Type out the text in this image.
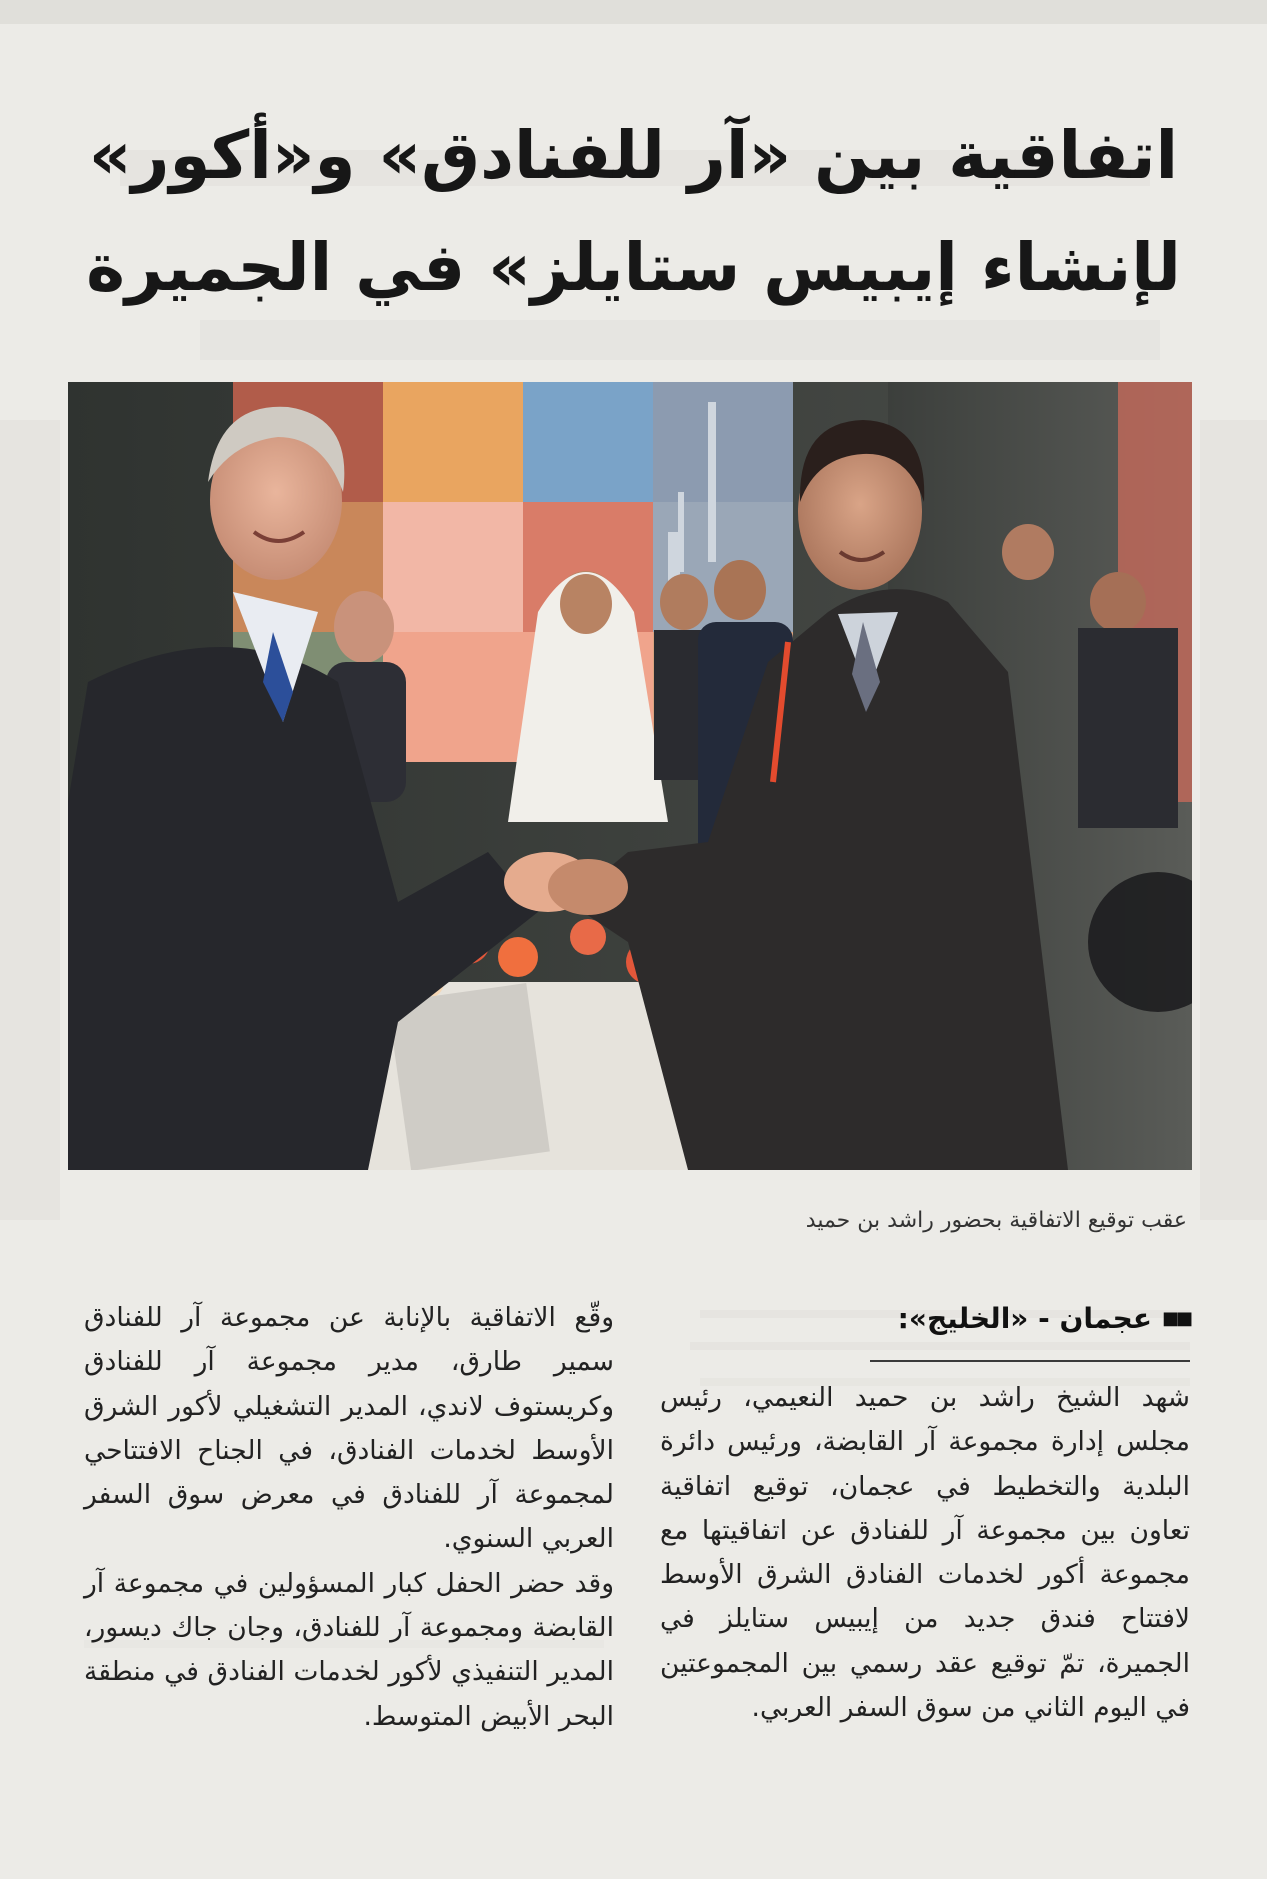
اتفاقية بين «آر للفنادق» و«أكور»
لإنشاء إيبيس ستايلز» في الجميرة

عقب توقيع الاتفاقية بحضور راشد بن حميد

■■
عجمان - «الخليج»:

شهد الشيخ راشد بن حميد النعيمي، رئيس مجلس إدارة مجموعة آر القابضة، ورئيس دائرة البلدية والتخطيط في عجمان، توقيع اتفاقية تعاون بين مجموعة آر للفنادق عن اتفاقيتها مع مجموعة أكور لخدمات الفنادق الشرق الأوسط لافتتاح فندق جديد من إيبيس ستايلز في الجميرة، تمّ توقيع عقد رسمي بين المجموعتين في اليوم الثاني من سوق السفر العربي.

وقّع الاتفاقية بالإنابة عن مجموعة آر للفنادق سمير طارق، مدير مجموعة آر للفنادق وكريستوف لاندي، المدير التشغيلي لأكور الشرق الأوسط لخدمات الفنادق، في الجناح الافتتاحي لمجموعة آر للفنادق في معرض سوق السفر العربي السنوي.

وقد حضر الحفل كبار المسؤولين في مجموعة آر القابضة ومجموعة آر للفنادق، وجان جاك ديسور، المدير التنفيذي لأكور لخدمات الفنادق في منطقة البحر الأبيض المتوسط.
